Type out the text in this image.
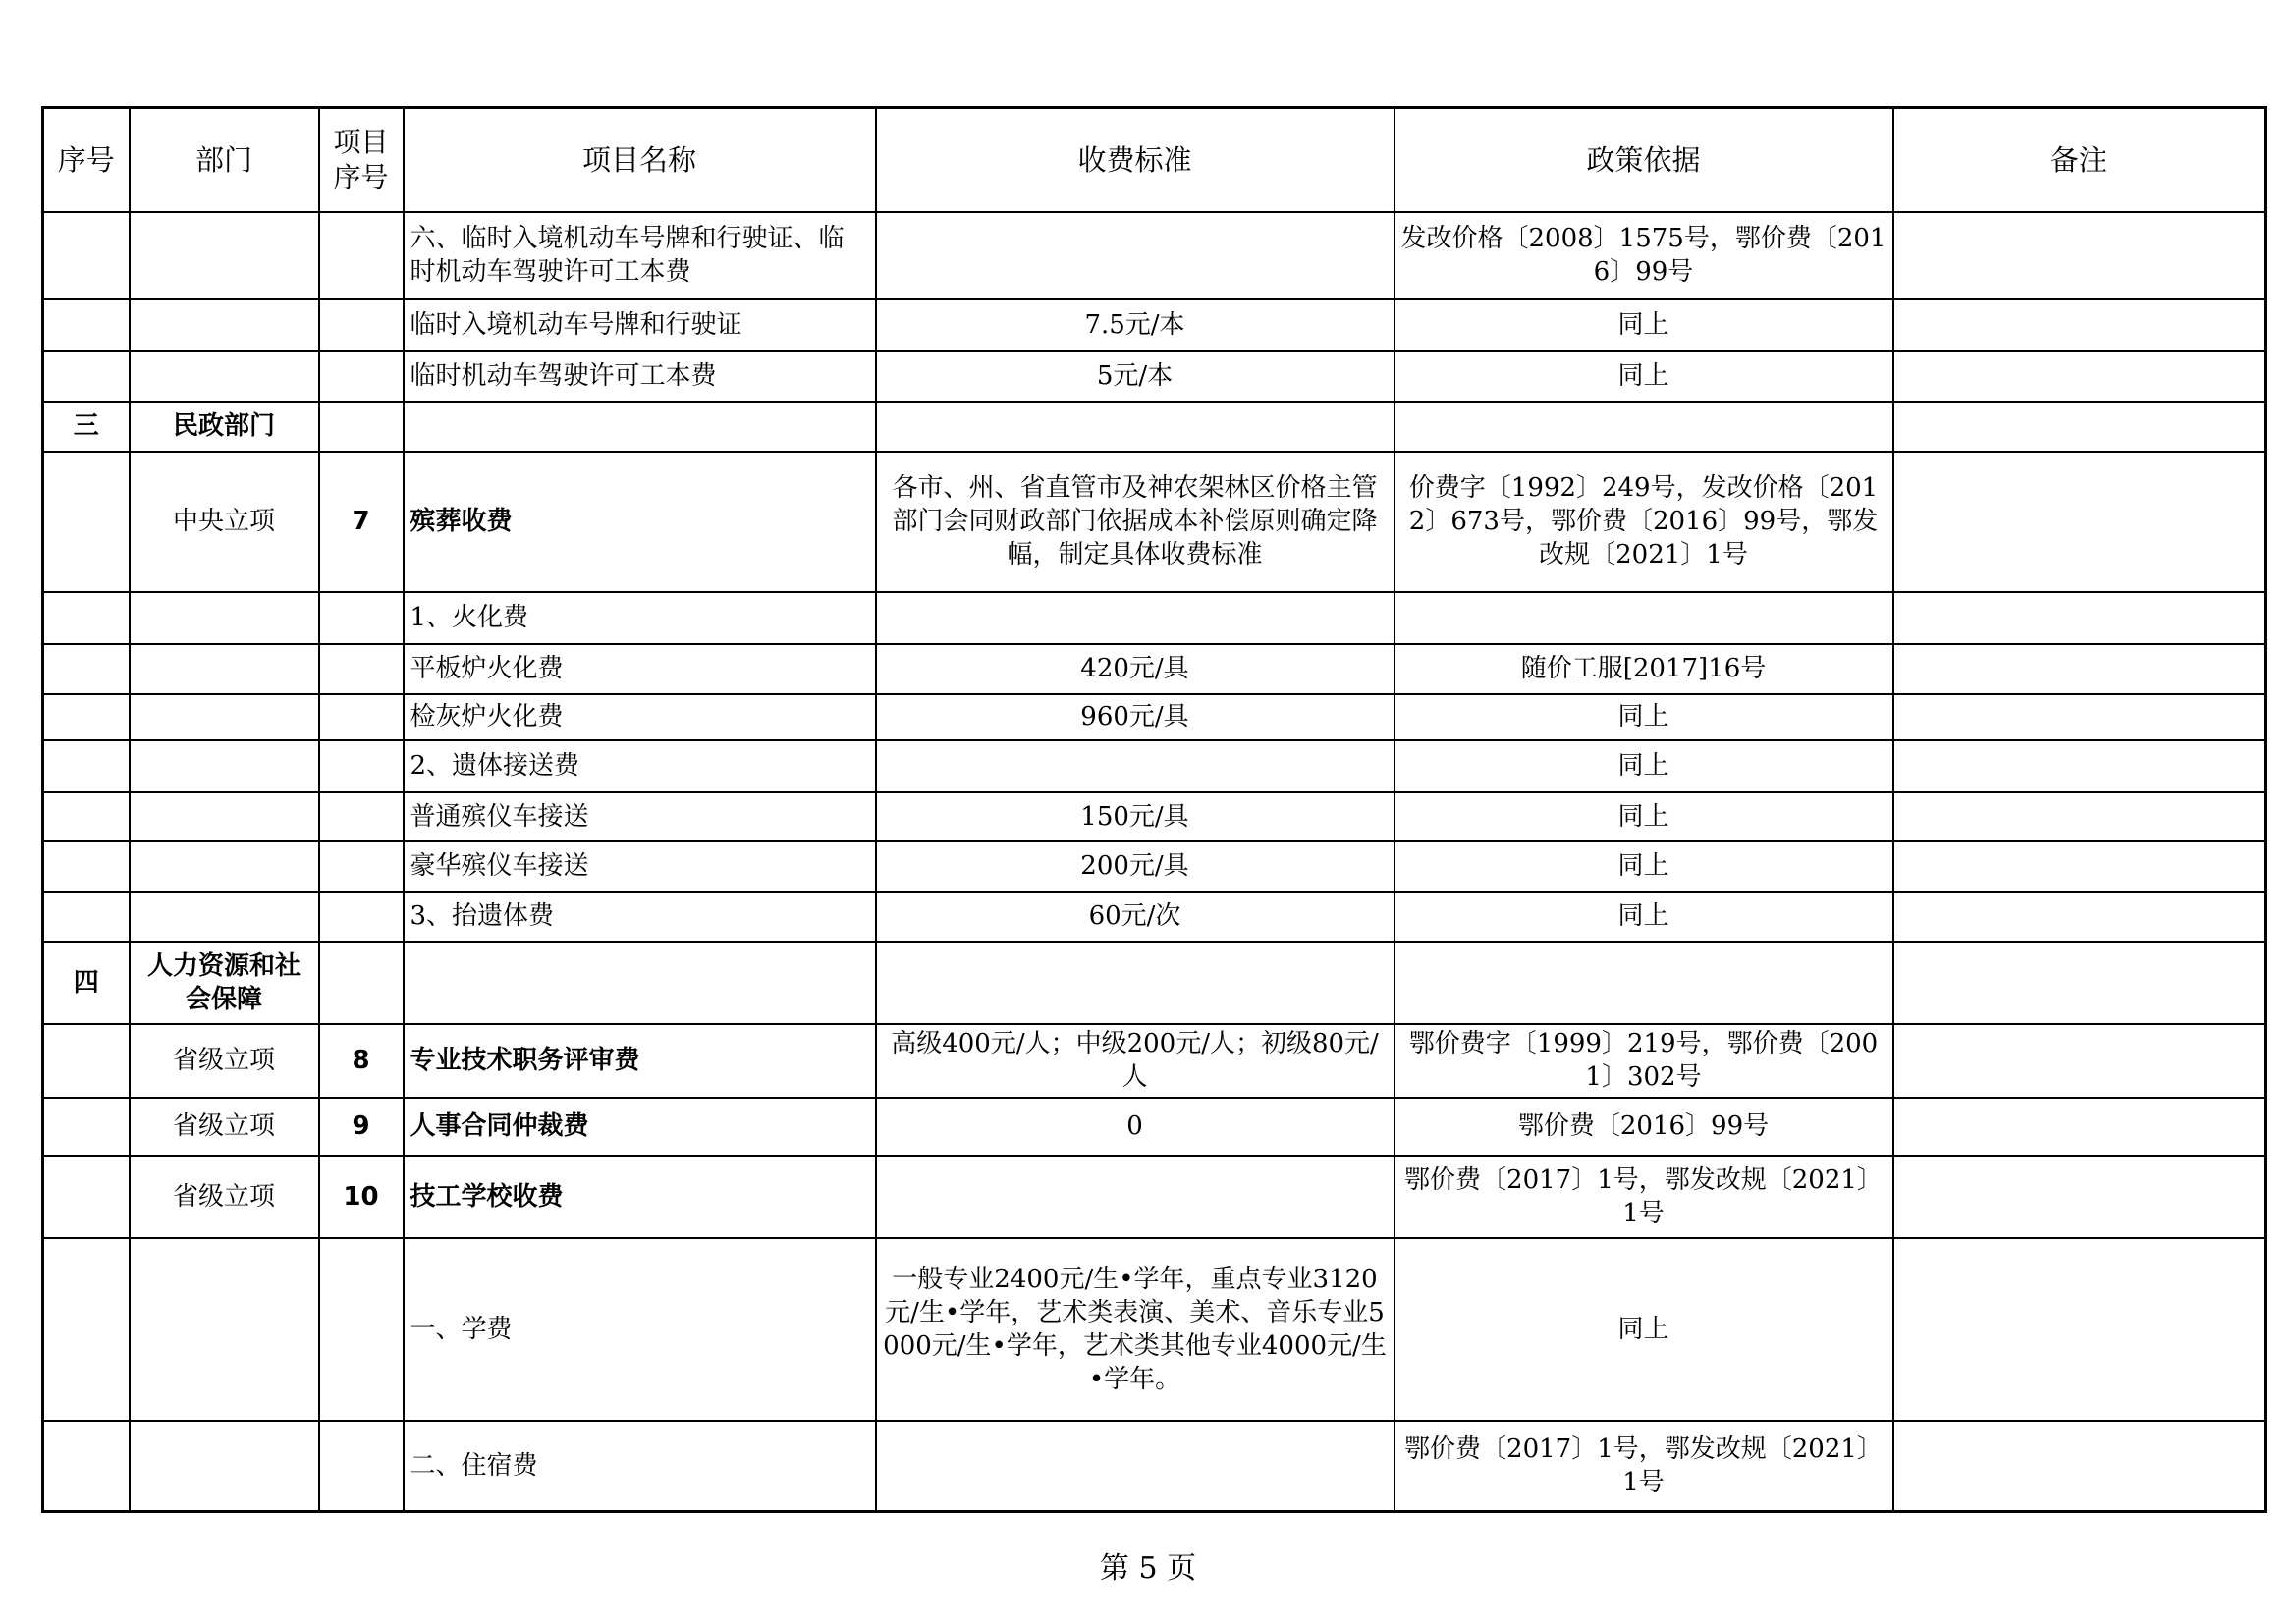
序号	部门	项目序号	项目名称	收费标准	政策依据	备注
			六、临时入境机动车号牌和行驶证、临时机动车驾驶许可工本费		发改价格〔2008〕1575号，鄂价费〔2016〕99号	
			临时入境机动车号牌和行驶证	7.5元/本	同上	
			临时机动车驾驶许可工本费	5元/本	同上	
三	民政部门					
	中央立项	7	殡葬收费	各市、州、省直管市及神农架林区价格主管部门会同财政部门依据成本补偿原则确定降幅，制定具体收费标准	价费字〔1992〕249号，发改价格〔2012〕673号，鄂价费〔2016〕99号，鄂发改规〔2021〕1号	
			1、火化费			
			平板炉火化费	420元/具	随价工服[2017]16号	
			检灰炉火化费	960元/具	同上	
			2、遗体接送费		同上	
			普通殡仪车接送	150元/具	同上	
			豪华殡仪车接送	200元/具	同上	
			3、抬遗体费	60元/次	同上	
四	人力资源和社会保障					
	省级立项	8	专业技术职务评审费	高级400元/人；中级200元/人；初级80元/人	鄂价费字〔1999〕219号，鄂价费〔2001〕302号	
	省级立项	9	人事合同仲裁费	0	鄂价费〔2016〕99号	
	省级立项	10	技工学校收费		鄂价费〔2017〕1号，鄂发改规〔2021〕1号	
			一、学费	一般专业2400元/生•学年，重点专业3120元/生•学年，艺术类表演、美术、音乐专业5000元/生•学年，艺术类其他专业4000元/生•学年。	同上	
			二、住宿费		鄂价费〔2017〕1号，鄂发改规〔2021〕1号	
第 5 页
